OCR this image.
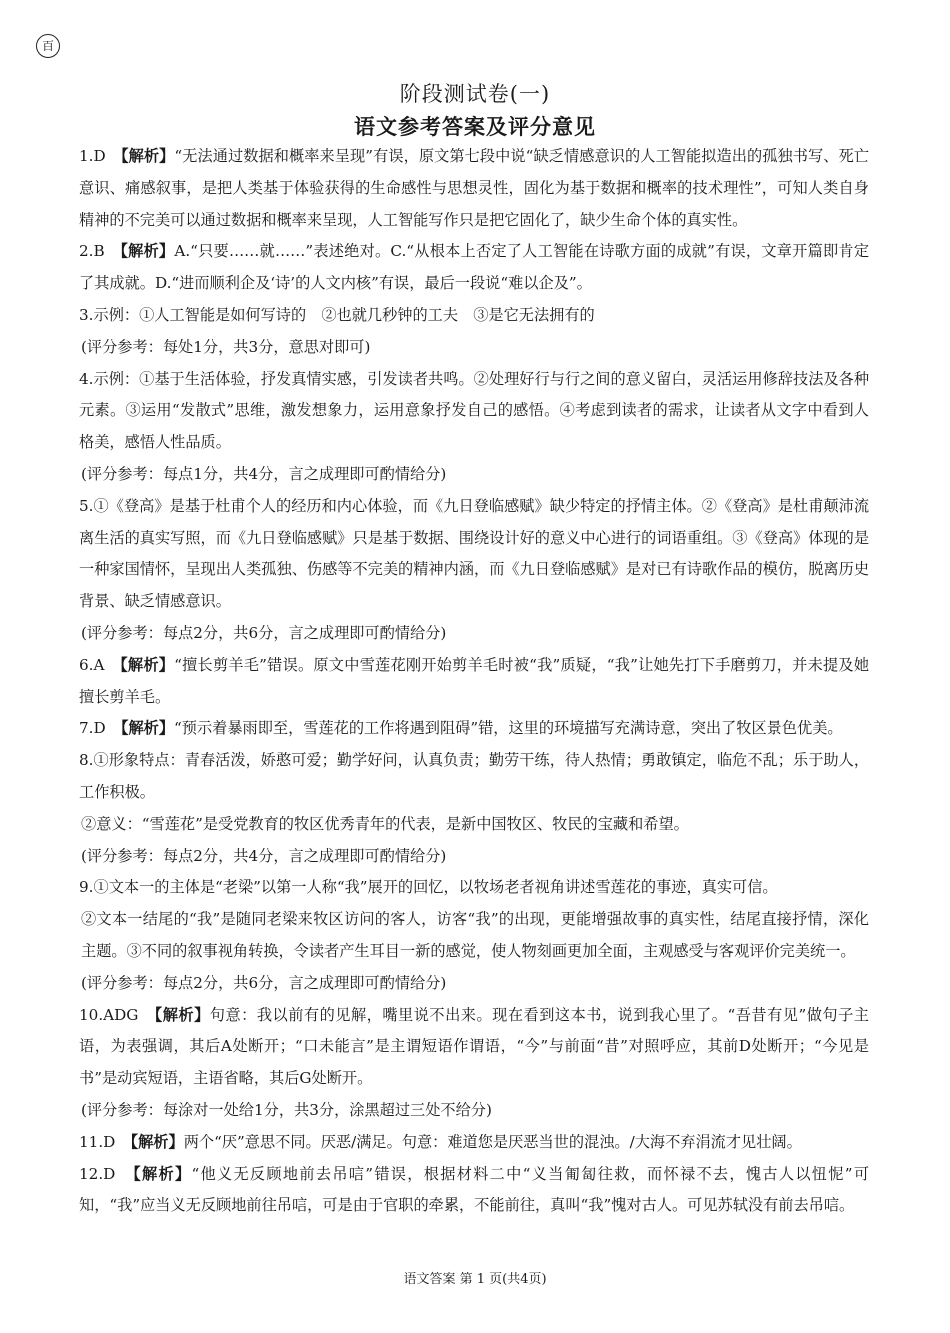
百
阶段测试卷(一)
语文参考答案及评分意见

1.D　 【解析】“无法通过数据和概率来呈现”有误，原文第七段中说“缺乏情感意识的人工智能拟造出的孤独书写、死亡意识、痛感叙事，是把人类基于体验获得的生命感性与思想灵性，固化为基于数据和概率的技术理性”，可知人类自身精神的不完美可以通过数据和概率来呈现，人工智能写作只是把它固化了，缺少生命个体的真实性。

2.B　 【解析】A.“只要……就……”表述绝对。C.“从根本上否定了人工智能在诗歌方面的成就”有误，文章开篇即肯定了其成就。D.“进而顺利企及‘诗’的人文内核”有误，最后一段说“难以企及”。

3.示例：①人工智能是如何写诗的　②也就几秒钟的工夫　③是它无法拥有的

(评分参考：每处1分，共3分，意思对即可)

4.示例：①基于生活体验，抒发真情实感，引发读者共鸣。②处理好行与行之间的意义留白，灵活运用修辞技法及各种元素。③运用“发散式”思维，激发想象力，运用意象抒发自己的感悟。④考虑到读者的需求，让读者从文字中看到人格美，感悟人性品质。

(评分参考：每点1分，共4分，言之成理即可酌情给分)

5.①《登高》是基于杜甫个人的经历和内心体验，而《九日登临感赋》缺少特定的抒情主体。②《登高》是杜甫颠沛流离生活的真实写照，而《九日登临感赋》只是基于数据、围绕设计好的意义中心进行的词语重组。③《登高》体现的是一种家国情怀，呈现出人类孤独、伤感等不完美的精神内涵，而《九日登临感赋》是对已有诗歌作品的模仿，脱离历史背景、缺乏情感意识。

(评分参考：每点2分，共6分，言之成理即可酌情给分)

6.A　 【解析】“擅长剪羊毛”错误。原文中雪莲花刚开始剪羊毛时被“我”质疑，“我”让她先打下手磨剪刀，并未提及她擅长剪羊毛。

7.D　 【解析】“预示着暴雨即至，雪莲花的工作将遇到阻碍”错，这里的环境描写充满诗意，突出了牧区景色优美。

8.①形象特点：青春活泼，娇憨可爱；勤学好问，认真负责；勤劳干练，待人热情；勇敢镇定，临危不乱；乐于助人，工作积极。

②意义：“雪莲花”是受党教育的牧区优秀青年的代表，是新中国牧区、牧民的宝藏和希望。

(评分参考：每点2分，共4分，言之成理即可酌情给分)

9.①文本一的主体是“老梁”以第一人称“我”展开的回忆，以牧场老者视角讲述雪莲花的事迹，真实可信。

②文本一结尾的“我”是随同老梁来牧区访问的客人，访客“我”的出现，更能增强故事的真实性，结尾直接抒情，深化主题。③不同的叙事视角转换，令读者产生耳目一新的感觉，使人物刻画更加全面，主观感受与客观评价完美统一。

(评分参考：每点2分，共6分，言之成理即可酌情给分)

10.ADG　 【解析】句意：我以前有的见解，嘴里说不出来。现在看到这本书，说到我心里了。“吾昔有见”做句子主语，为表强调，其后A处断开；“口未能言”是主谓短语作谓语，“今”与前面“昔”对照呼应，其前D处断开；“今见是书”是动宾短语，主语省略，其后G处断开。

(评分参考：每涂对一处给1分，共3分，涂黑超过三处不给分)

11.D　 【解析】两个“厌”意思不同。厌恶/满足。句意：难道您是厌恶当世的混浊。/大海不弃涓流才见壮阔。

12.D　 【解析】“他义无反顾地前去吊唁”错误，根据材料二中“义当匍匐往救，而怀禄不去，愧古人以忸怩”可知，“我”应当义无反顾地前往吊唁，可是由于官职的牵累，不能前往，真叫“我”愧对古人。可见苏轼没有前去吊唁。

语文答案 第 1 页(共4页)
